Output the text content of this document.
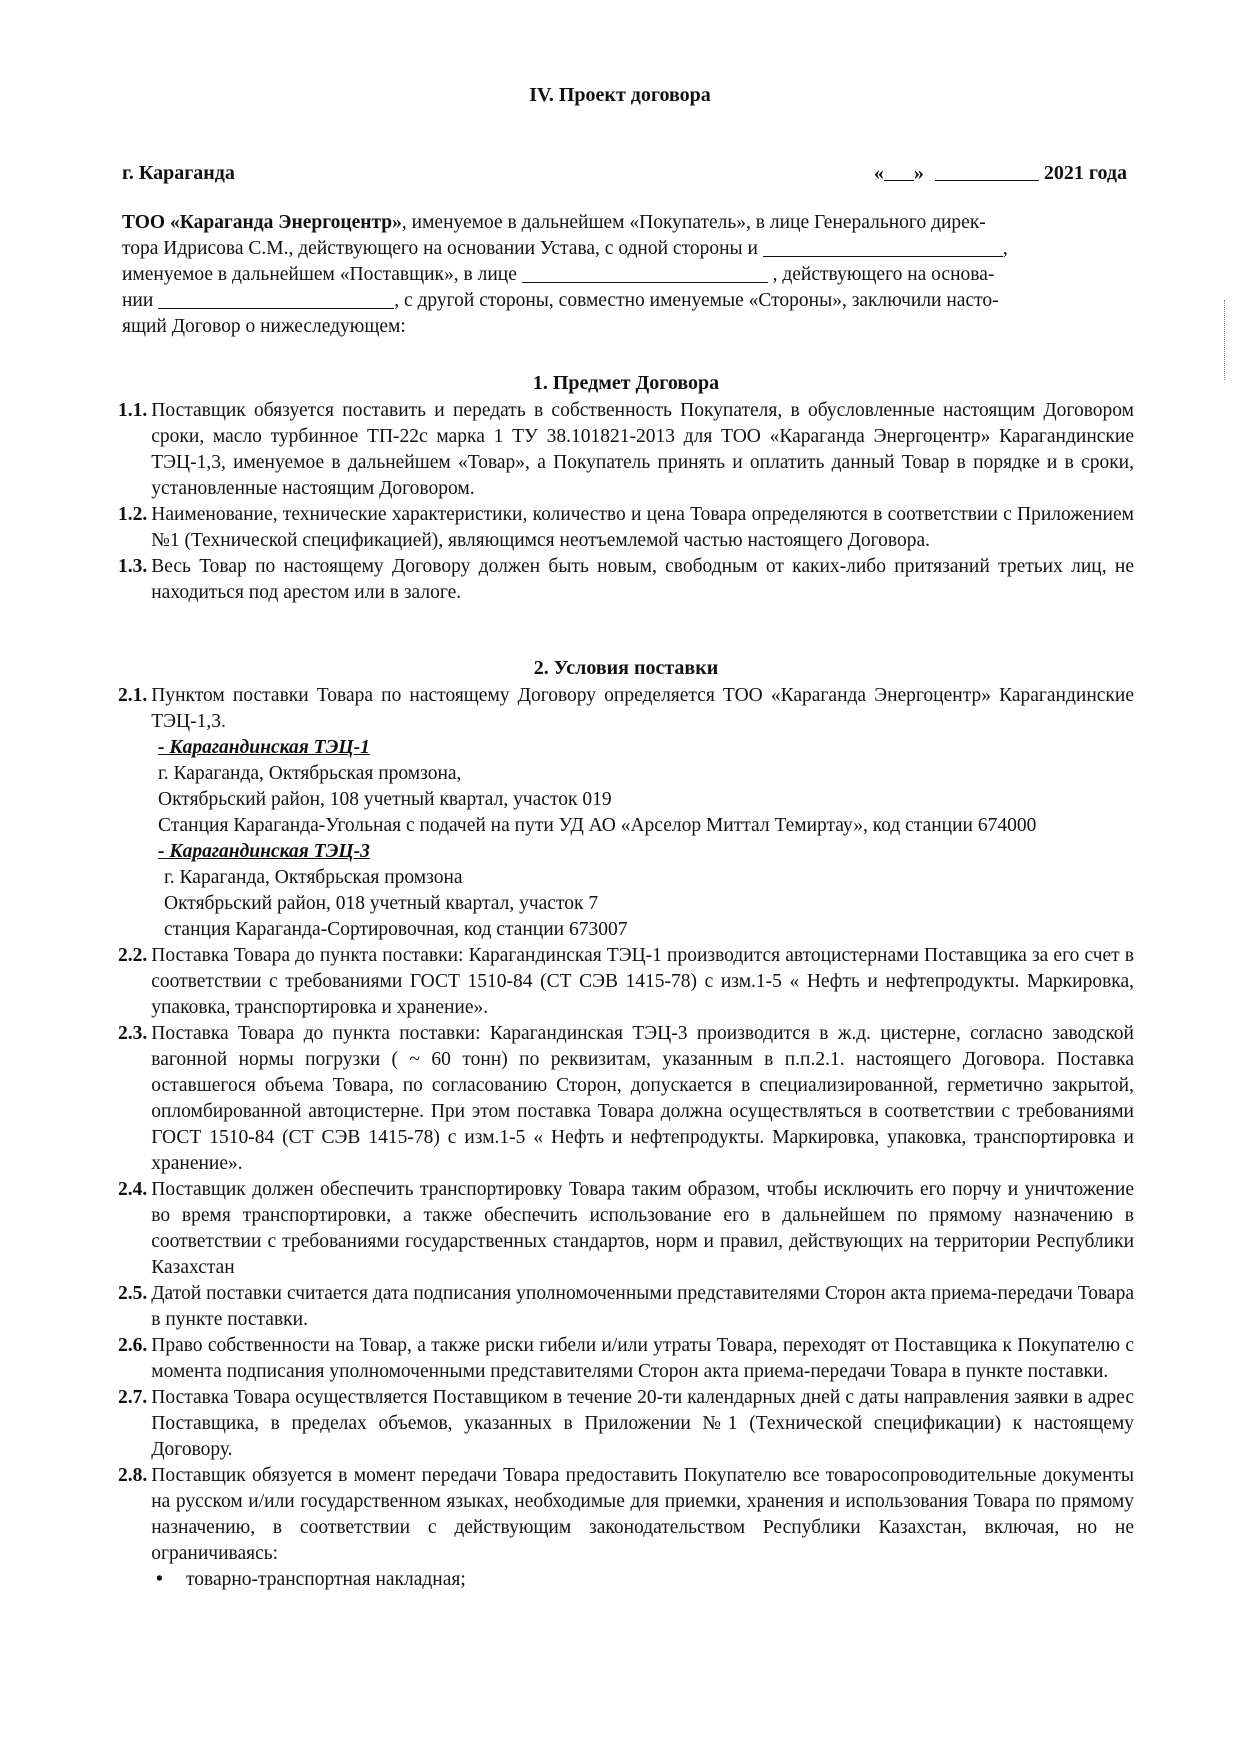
IV. Проект договора
г. Караганда	« »	2021 года

ТОО «Караганда Энергоцентр», именуемое в дальнейшем «Покупатель», в лице Генерального дирек-

тора Идрисова С.М., действующего на основании Устава, с одной стороны и	,

именуемое в дальнейшем «Поставщик», в лице	, действующего на основа-

нии	, с другой стороны, совместно именуемые «Стороны», заключили насто-

ящий Договор о нижеследующем:

1. Предмет Договора
1.1. Поставщик обязуется поставить и передать в собственность Покупателя, в обусловленные настоящим Договором сроки, масло турбинное ТП-22с марка 1 ТУ 38.101821-2013 для ТОО «Караганда Энергоцентр» Карагандинские ТЭЦ-1,3, именуемое в дальнейшем «Товар», а Покупатель принять и оплатить данный Товар в порядке и в сроки, установленные настоящим Договором.
1.2. Наименование, технические характеристики, количество и цена Товара определяются в соответствии с Приложением №1 (Технической спецификацией), являющимся неотъемлемой частью настоящего Договора.
1.3. Весь Товар по настоящему Договору должен быть новым, свободным от каких-либо притязаний третьих лиц, не находиться под арестом или в залоге.
2. Условия поставки
2.1. Пунктом поставки Товара по настоящему Договору определяется ТОО «Караганда Энергоцентр» Карагандинские ТЭЦ-1,3.
- Карагандинская ТЭЦ-1
г. Караганда, Октябрьская промзона,
Октябрьский район, 108 учетный квартал, участок 019
Станция Караганда-Угольная с подачей на пути УД АО «Арселор Миттал Темиртау», код станции 674000
- Карагандинская ТЭЦ-3
г. Караганда, Октябрьская промзона
Октябрьский район, 018 учетный квартал, участок 7
станция Караганда-Сортировочная, код станции 673007
2.2. Поставка Товара до пункта поставки: Карагандинская ТЭЦ-1 производится автоцистернами Поставщика за его счет в соответствии с требованиями ГОСТ 1510-84 (СТ СЭВ 1415-78) с изм.1-5 « Нефть и нефтепродукты. Маркировка, упаковка, транспортировка и хранение».
2.3. Поставка Товара до пункта поставки: Карагандинская ТЭЦ-3 производится в ж.д. цистерне, согласно заводской вагонной нормы погрузки ( ~ 60 тонн) по реквизитам, указанным в п.п.2.1. настоящего Договора. Поставка оставшегося объема Товара, по согласованию Сторон, допускается в специализированной, герметично закрытой, опломбированной автоцистерне. При этом поставка Товара должна осуществляться в соответствии с требованиями ГОСТ 1510-84 (СТ СЭВ 1415-78) с изм.1-5 « Нефть и нефтепродукты. Маркировка, упаковка, транспортировка и хранение».
2.4. Поставщик должен обеспечить транспортировку Товара таким образом, чтобы исключить его порчу и уничтожение во время транспортировки, а также обеспечить использование его в дальнейшем по прямому назначению в соответствии с требованиями государственных стандартов, норм и правил, действующих на территории Республики Казахстан
2.5. Датой поставки считается дата подписания уполномоченными представителями Сторон акта приема-передачи Товара в пункте поставки.
2.6. Право собственности на Товар, а также риски гибели и/или утраты Товара, переходят от Поставщика к Покупателю с момента подписания уполномоченными представителями Сторон акта приема-передачи Товара в пункте поставки.
2.7. Поставка Товара осуществляется Поставщиком в течение 20-ти календарных дней с даты направления заявки в адрес Поставщика, в пределах объемов, указанных в Приложении №1 (Технической спецификации) к настоящему Договору.
2.8. Поставщик обязуется в момент передачи Товара предоставить Покупателю все товаросопроводительные документы на русском и/или государственном языках, необходимые для приемки, хранения и использования Товара по прямому назначению, в соответствии с действующим законодательством Республики Казахстан, включая, но не ограничиваясь:
•	товарно-транспортная накладная;
